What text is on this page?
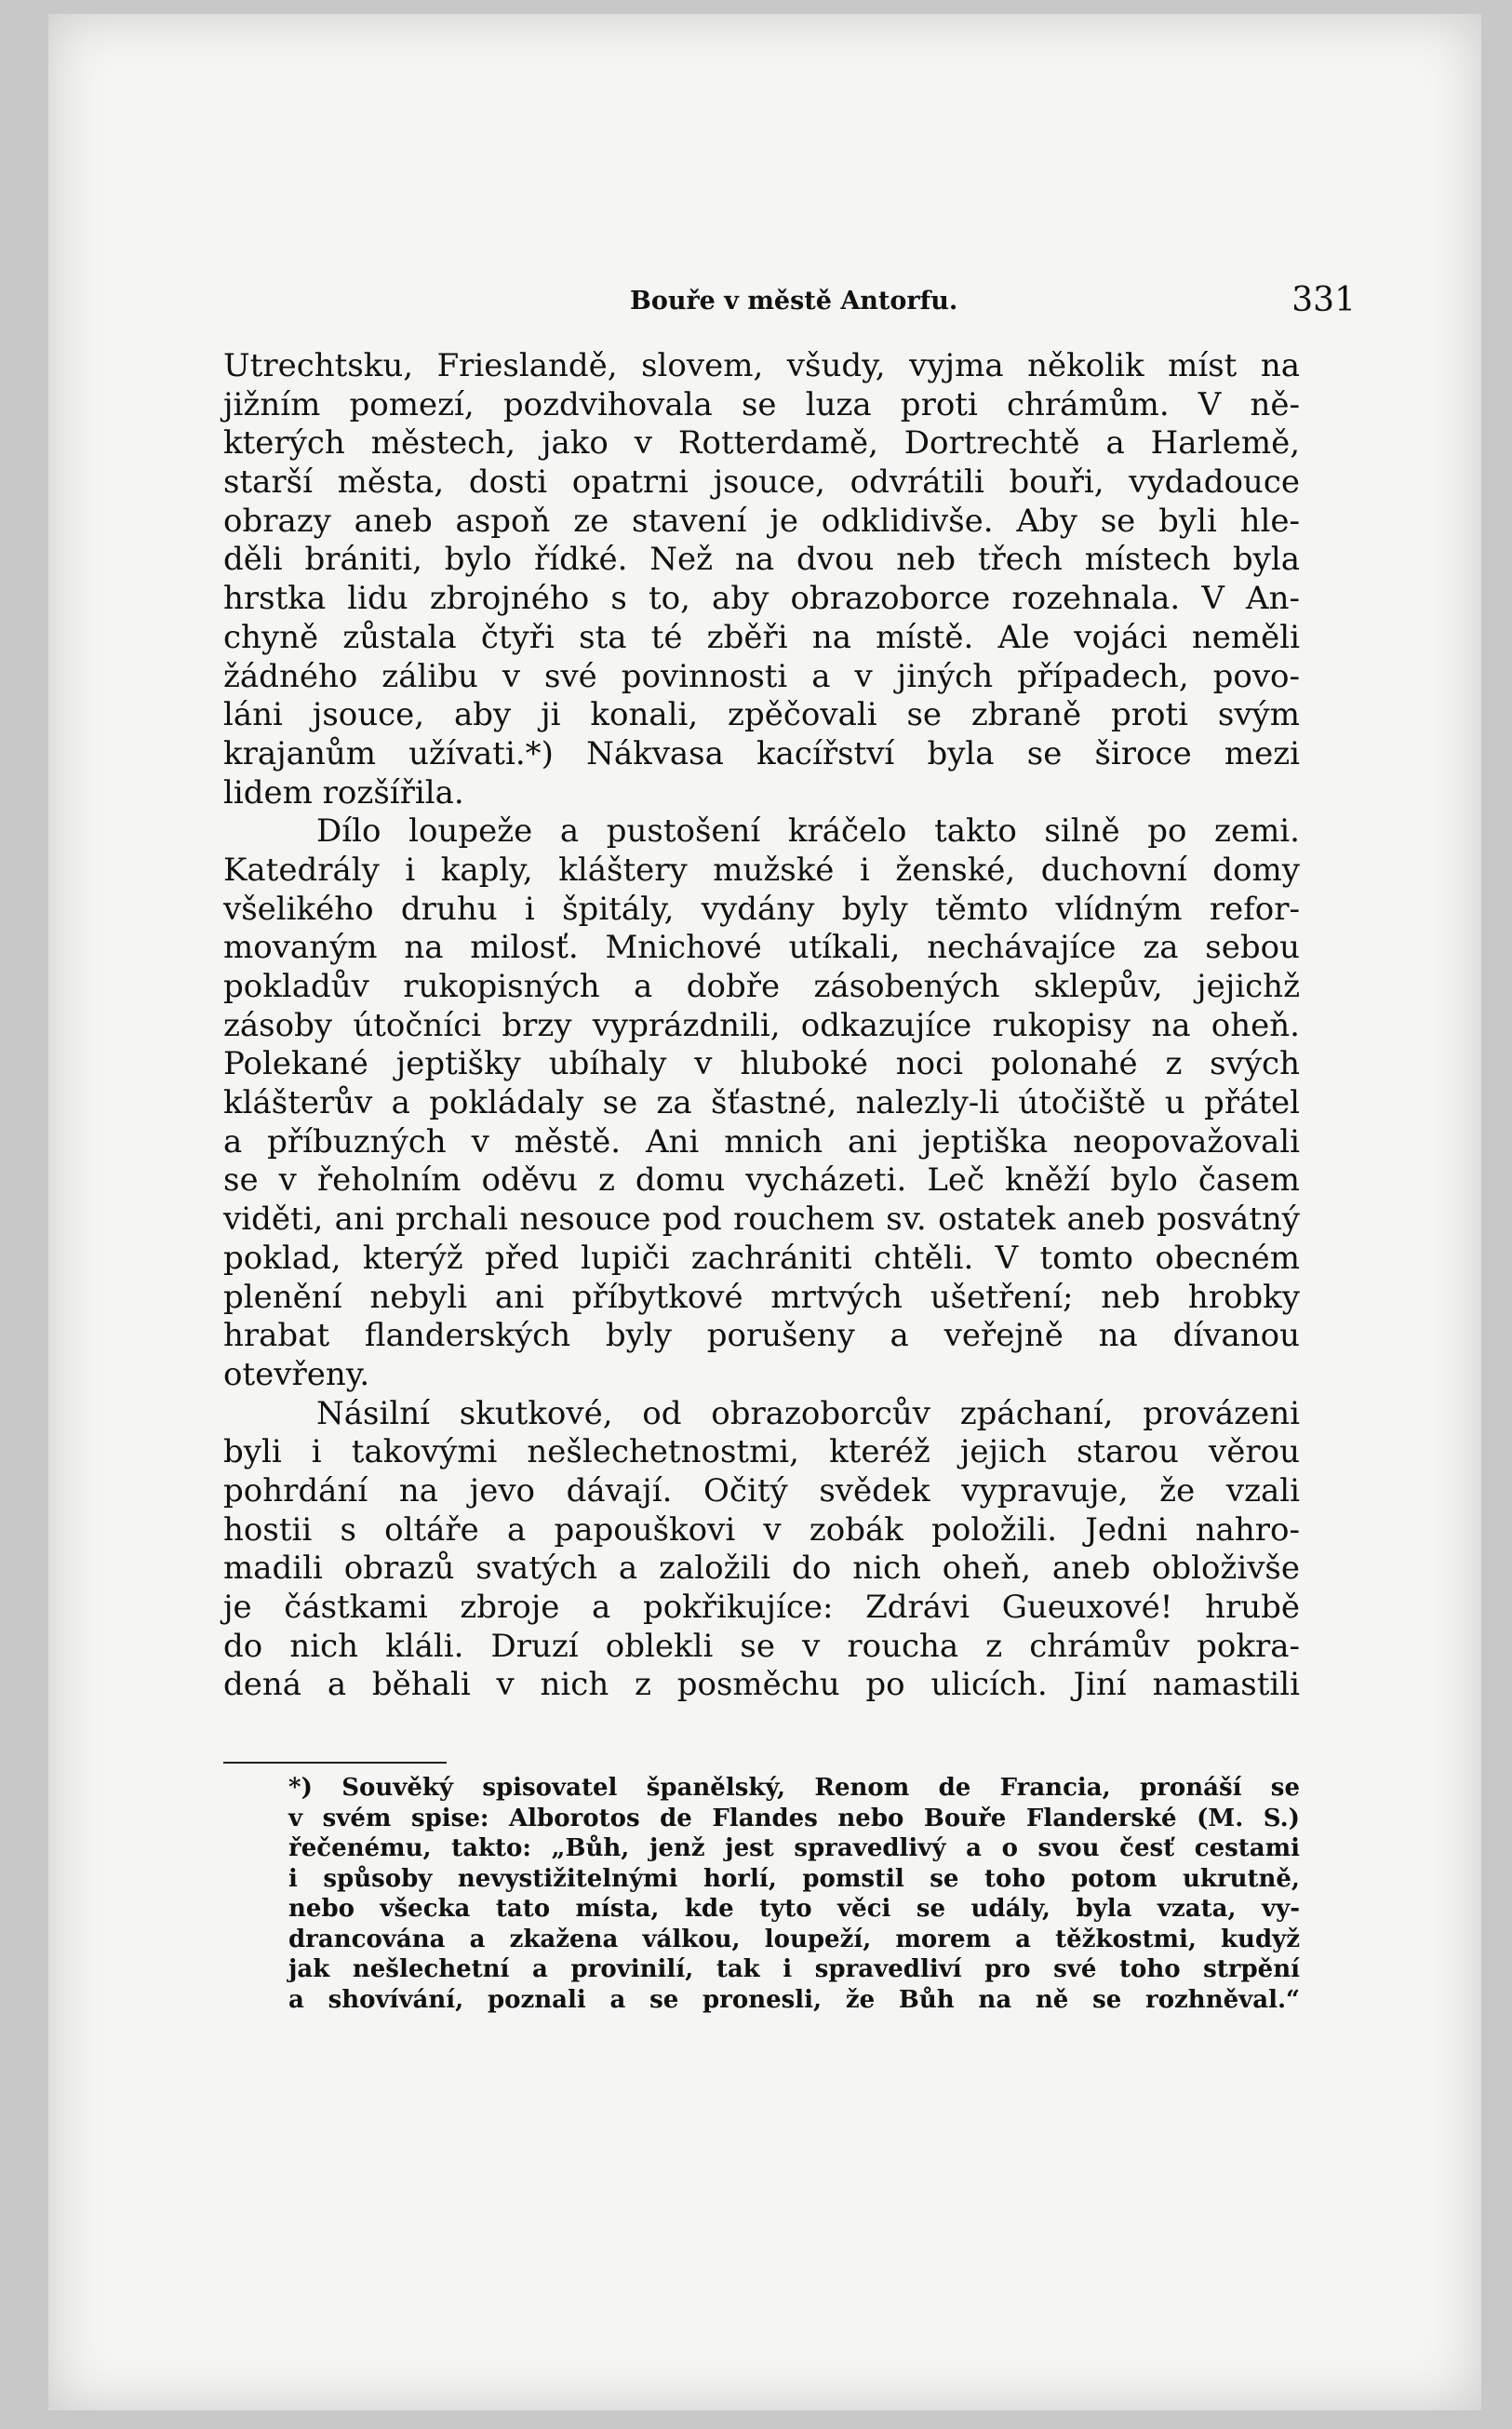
Bouře v městě Antorfu.	331
Utrechtsku, Frieslandě, slovem, všudy, vyjma několik míst na
jižním pomezí, pozdvihovala se luza proti chrámům. V ně-
kterých městech, jako v Rotterdamě, Dortrechtě a Harlemě,
starší města, dosti opatrni jsouce, odvrátili bouři, vydadouce
obrazy aneb aspoň ze stavení je odklidivše. Aby se byli hle-
děli brániti, bylo řídké. Než na dvou neb třech místech byla
hrstka lidu zbrojného s to, aby obrazoborce rozehnala. V An-
chyně zůstala čtyři sta té zběři na místě. Ale vojáci neměli
žádného zálibu v své povinnosti a v jiných případech, povo-
láni jsouce, aby ji konali, zpěčovali se zbraně proti svým
krajanům užívati.*) Nákvasa kacířství byla se široce mezi
lidem rozšířila.
Dílo loupeže a pustošení kráčelo takto silně po zemi.
Katedrály i kaply, kláštery mužské i ženské, duchovní domy
všelikého druhu i špitály, vydány byly těmto vlídným refor-
movaným na milosť. Mnichové utíkali, nechávajíce za sebou
pokladův rukopisných a dobře zásobených sklepův, jejichž
zásoby útočníci brzy vyprázdnili, odkazujíce rukopisy na oheň.
Polekané jeptišky ubíhaly v hluboké noci polonahé z svých
klášterův a pokládaly se za šťastné, nalezly-li útočiště u přátel
a příbuzných v městě. Ani mnich ani jeptiška neopovažovali
se v řeholním oděvu z domu vycházeti. Leč kněží bylo časem
viděti, ani prchali nesouce pod rouchem sv. ostatek aneb posvátný
poklad, kterýž před lupiči zachrániti chtěli. V tomto obecném
plenění nebyli ani příbytkové mrtvých ušetření; neb hrobky
hrabat flanderských byly porušeny a veřejně na dívanou
otevřeny.
Násilní skutkové, od obrazoborcův zpáchaní, provázeni
byli i takovými nešlechetnostmi, kteréž jejich starou věrou
pohrdání na jevo dávají. Očitý svědek vypravuje, že vzali
hostii s oltáře a papouškovi v zobák položili. Jedni nahro-
madili obrazů svatých a založili do nich oheň, aneb obloživše
je částkami zbroje a pokřikujíce: Zdrávi Gueuxové! hrubě
do nich kláli. Druzí oblekli se v roucha z chrámův pokra-
dená a běhali v nich z posměchu po ulicích. Jiní namastili
*) Souvěký spisovatel španělský, Renom de Francia, pronáší se
v svém spise: Alborotos de Flandes nebo Bouře Flanderské (M. S.)
řečenému, takto: „Bůh, jenž jest spravedlivý a o svou česť cestami
i spůsoby nevystižitelnými horlí, pomstil se toho potom ukrutně,
nebo všecka tato místa, kde tyto věci se udály, byla vzata, vy-
drancována a zkažena válkou, loupeží, morem a těžkostmi, kudyž
jak nešlechetní a provinilí, tak i spravedliví pro své toho strpění
a shovívání, poznali a se pronesli, že Bůh na ně se rozhněval.“
